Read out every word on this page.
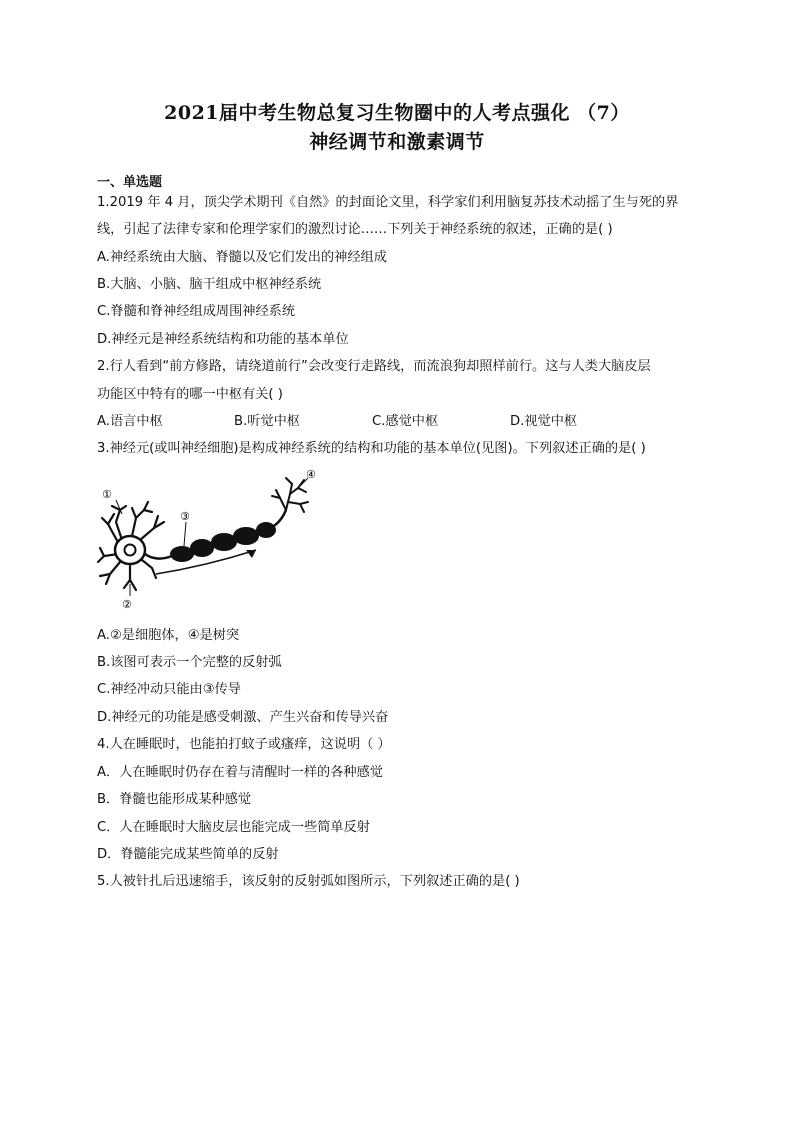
2021届中考生物总复习生物圈中的人考点强化 （7）
神经调节和激素调节
一、单选题
1.2019 年 4 月，顶尖学术期刊《自然》的封面论文里，科学家们利用脑复苏技术动摇了生与死的界
线，引起了法律专家和伦理学家们的激烈讨论……下列关于神经系统的叙述，正确的是( )
A.神经系统由大脑、脊髓以及它们发出的神经组成
B.大脑、小脑、脑干组成中枢神经系统
C.脊髓和脊神经组成周围神经系统
D.神经元是神经系统结构和功能的基本单位
2.行人看到“前方修路，请绕道前行”会改变行走路线，而流浪狗却照样前行。这与人类大脑皮层
功能区中特有的哪一中枢有关( )
A.语言中枢	B.听觉中枢	C.感觉中枢	D.视觉中枢
3.神经元(或叫神经细胞)是构成神经系统的结构和功能的基本单位(见图)。下列叙述正确的是( )
①
②
③
④
A.②是细胞体，④是树突
B.该图可表示一个完整的反射弧
C.神经冲动只能由③传导
D.神经元的功能是感受刺激、产生兴奋和传导兴奋
4.人在睡眠时，也能拍打蚊子或瘙痒，这说明（ ）
A．人在睡眠时仍存在着与清醒时一样的各种感觉
B．脊髓也能形成某种感觉
C．人在睡眠时大脑皮层也能完成一些简单反射
D．脊髓能完成某些简单的反射
5.人被针扎后迅速缩手，该反射的反射弧如图所示，下列叙述正确的是( )
